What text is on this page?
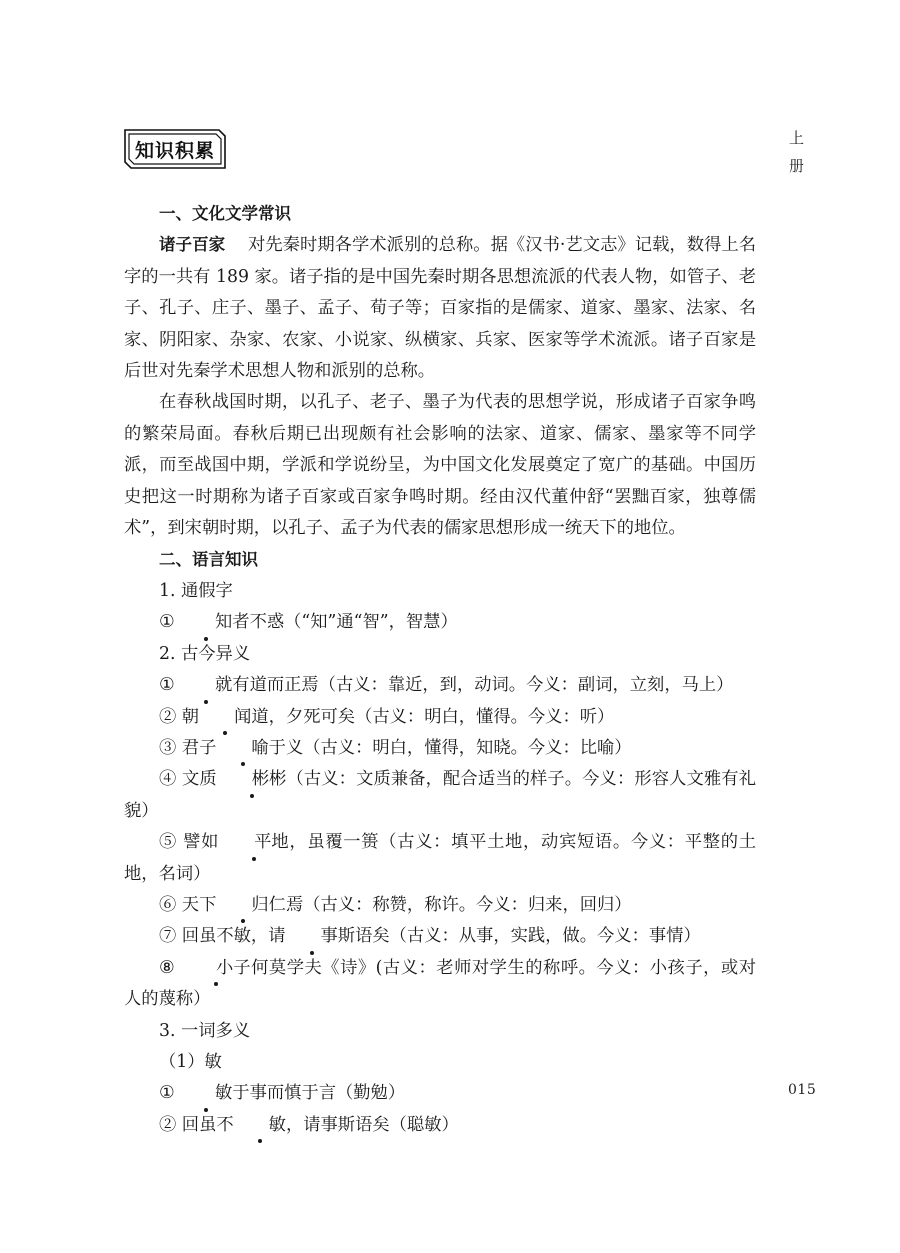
知识积累
上
册

一、文化文学常识

诸子百家  对先秦时期各学术派别的总称。据《汉书·艺文志》记载，数得上名字的一共有 189 家。诸子指的是中国先秦时期各思想流派的代表人物，如管子、老子、孔子、庄子、墨子、孟子、荀子等；百家指的是儒家、道家、墨家、法家、名家、阴阳家、杂家、农家、小说家、纵横家、兵家、医家等学术流派。诸子百家是后世对先秦学术思想人物和派别的总称。

在春秋战国时期，以孔子、老子、墨子为代表的思想学说，形成诸子百家争鸣的繁荣局面。春秋后期已出现颇有社会影响的法家、道家、儒家、墨家等不同学派，而至战国中期，学派和学说纷呈，为中国文化发展奠定了宽广的基础。中国历史把这一时期称为诸子百家或百家争鸣时期。经由汉代董仲舒“罢黜百家，独尊儒术”，到宋朝时期，以孔子、孟子为代表的儒家思想形成一统天下的地位。

二、语言知识

1. 通假字

① 知者不惑（“知”通“智”，智慧）

2. 古今异义

① 就有道而正焉（古义：靠近，到，动词。今义：副词，立刻，马上）

② 朝 闻道，夕死可矣（古义：明白，懂得。今义：听）

③ 君子 喻于义（古义：明白，懂得，知晓。今义：比喻）

④ 文质 彬彬（古义：文质兼备，配合适当的样子。今义：形容人文雅有礼貌）

⑤ 譬如 平地，虽覆一篑（古义：填平土地，动宾短语。今义：平整的土地，名词）

⑥ 天下 归仁焉（古义：称赞，称许。今义：归来，回归）

⑦ 回虽不敏，请 事斯语矣（古义：从事，实践，做。今义：事情）

⑧ 小子何莫学夫《诗》(古义：老师对学生的称呼。今义：小孩子，或对人的蔑称）

3. 一词多义

（1）敏

① 敏于事而慎于言（勤勉）

② 回虽不 敏，请事斯语矣（聪敏）

015
